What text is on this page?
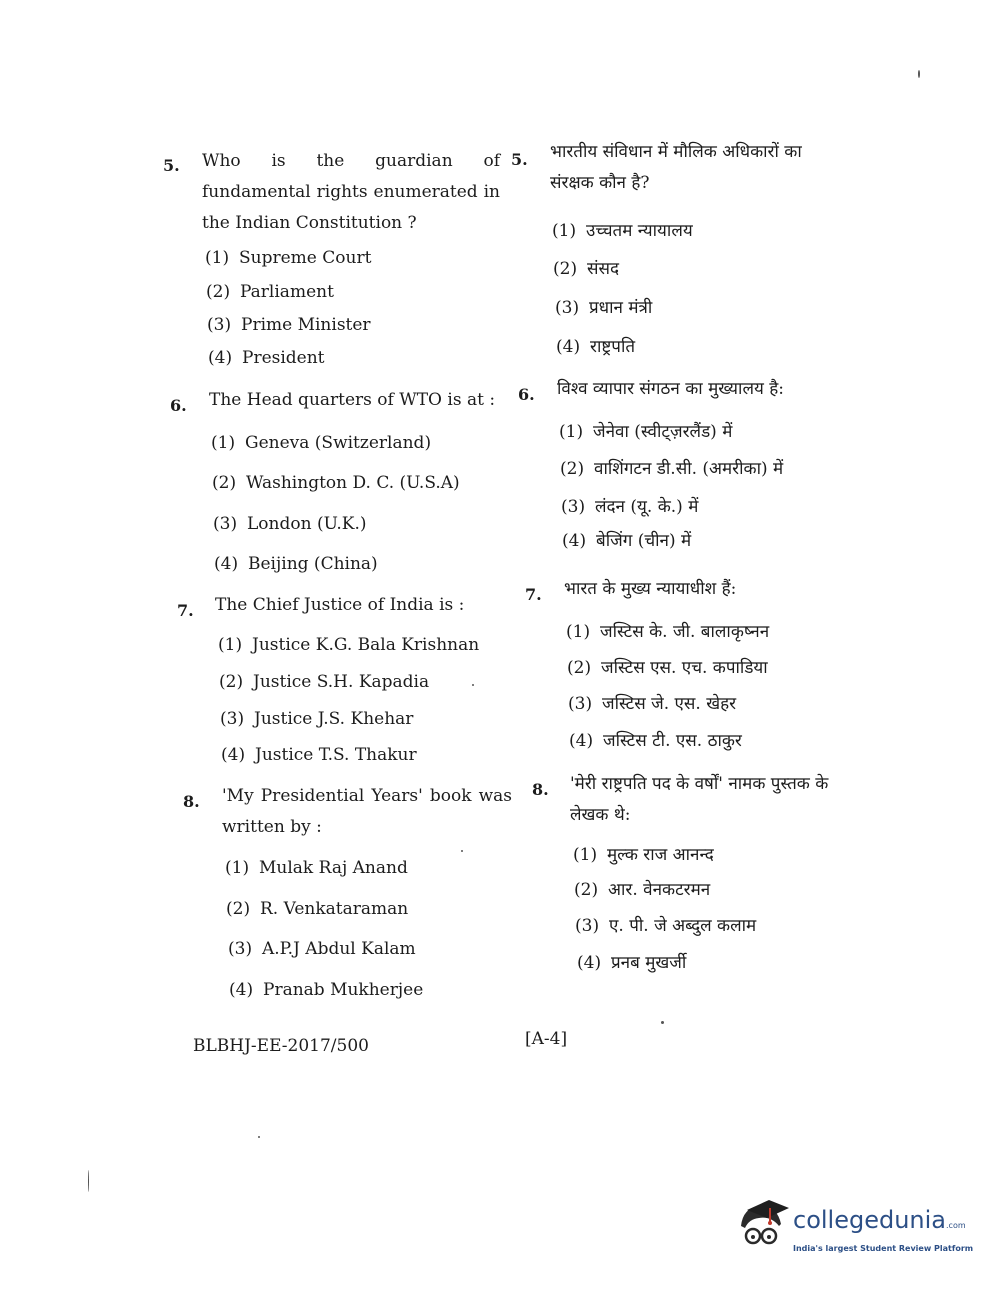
5. Who is the guardian of fundamental rights enumerated in the Indian Constitution ?
(1) Supreme Court
(2) Parliament
(3) Prime Minister
(4) President
6. The Head quarters of WTO is at :
(1) Geneva (Switzerland)
(2) Washington D. C. (U.S.A)
(3) London (U.K.)
(4) Beijing (China)
7. The Chief Justice of India is :
(1) Justice K.G. Bala Krishnan
(2) Justice S.H. Kapadia
(3) Justice J.S. Khehar
(4) Justice T.S. Thakur
8. 'My Presidential Years' book was written by :
(1) Mulak Raj Anand
(2) R. Venkataraman
(3) A.P.J Abdul Kalam
(4) Pranab Mukherjee
5. भारतीय संविधान में मौलिक अधिकारों का संरक्षक कौन है?
(1) उच्चतम न्यायालय
(2) संसद
(3) प्रधान मंत्री
(4) राष्ट्रपति
6. विश्व व्यापार संगठन का मुख्यालय है:
(1) जेनेवा (स्वीट्ज़रलैंड) में
(2) वाशिंगटन डी.सी. (अमरीका) में
(3) लंदन (यू. के.) में
(4) बेजिंग (चीन) में
7. भारत के मुख्य न्यायाधीश हैं:
(1) जस्टिस के. जी. बालाकृष्नन
(2) जस्टिस एस. एच. कपाडिया
(3) जस्टिस जे. एस. खेहर
(4) जस्टिस टी. एस. ठाकुर
8. 'मेरी राष्ट्रपति पद के वर्षों' नामक पुस्तक के लेखक थे:
(1) मुल्क राज आनन्द
(2) आर. वेनकटरमन
(3) ए. पी. जे अब्दुल कलाम
(4) प्रनब मुखर्जी
BLBHJ-EE-2017/500	[A-4]
collegedunia.com
India's largest Student Review Platform
